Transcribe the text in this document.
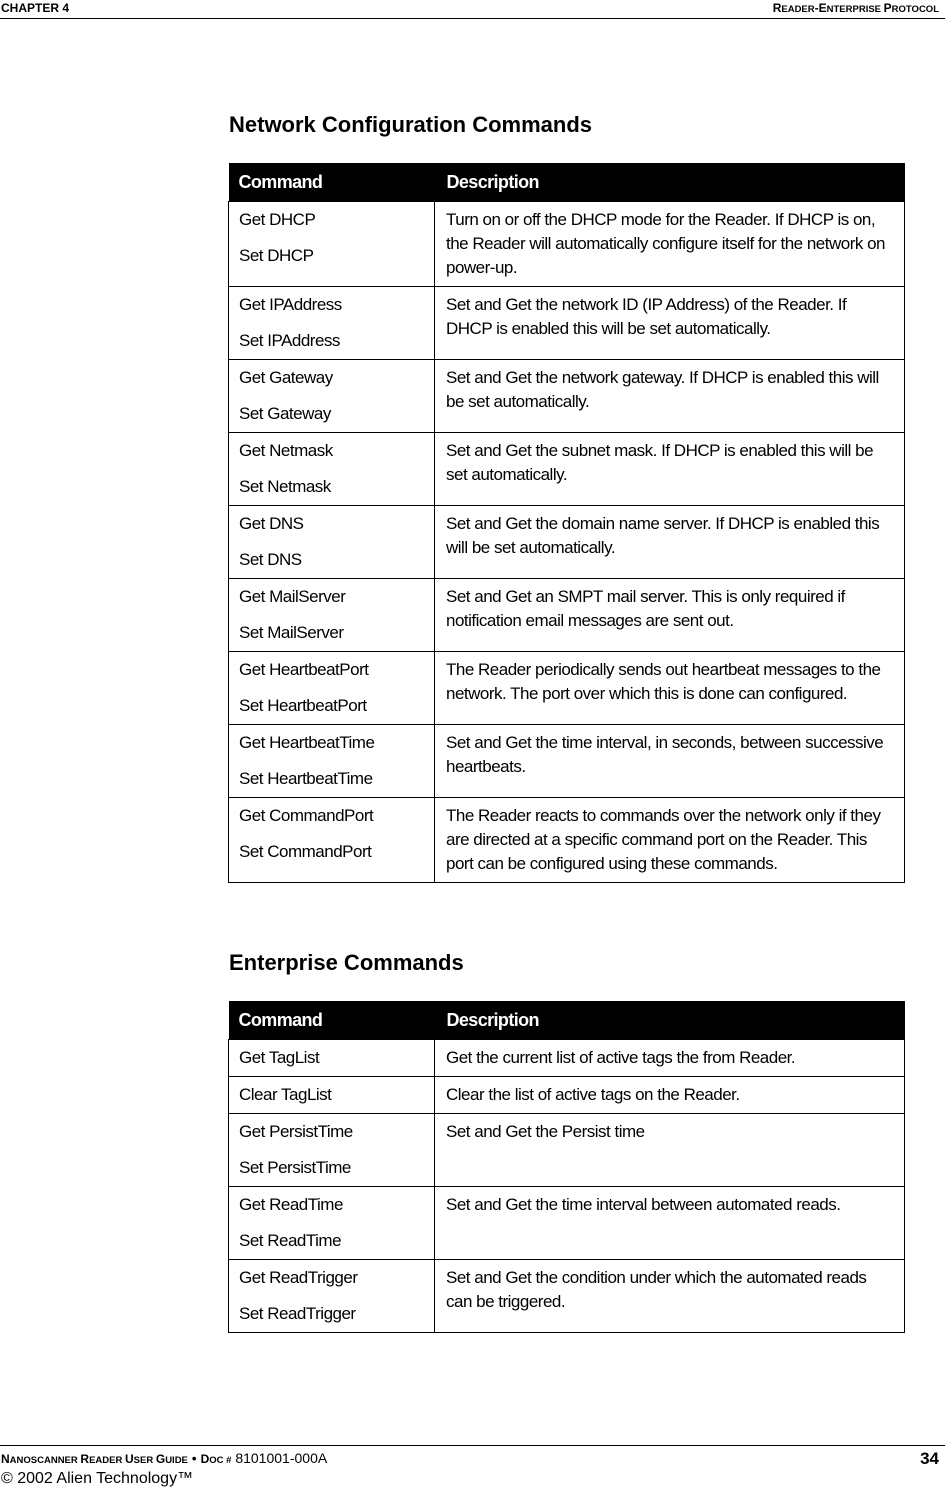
CHAPTER 4	READER-ENTERPRISE PROTOCOL
Network Configuration Commands
Command	Description

Get DHCP
Set DHCP	Turn on or off the DHCP mode for the Reader. If DHCP is on, the Reader will automatically configure itself for the network on power-up.

Get IPAddress
Set IPAddress	Set and Get the network ID (IP Address) of the Reader. If DHCP is enabled this will be set automatically.

Get Gateway
Set Gateway	Set and Get the network gateway. If DHCP is enabled this will be set automatically.

Get Netmask
Set Netmask	Set and Get the subnet mask. If DHCP is enabled this will be set automatically.

Get DNS
Set DNS	Set and Get the domain name server. If DHCP is enabled this will be set automatically.

Get MailServer
Set MailServer	Set and Get an SMPT mail server. This is only required if notification email messages are sent out.

Get HeartbeatPort
Set HeartbeatPort	The Reader periodically sends out heartbeat messages to the network. The port over which this is done can configured.

Get HeartbeatTime
Set HeartbeatTime	Set and Get the time interval, in seconds, between successive heartbeats.

Get CommandPort
Set CommandPort	The Reader reacts to commands over the network only if they are directed at a specific command port on the Reader. This port can be configured using these commands.
Enterprise Commands
Command	Description

Get TagList	Get the current list of active tags the from Reader.

Clear TagList	Clear the list of active tags on the Reader.

Get PersistTime
Set PersistTime	Set and Get the Persist time

Get ReadTime
Set ReadTime	Set and Get the time interval between automated reads.

Get ReadTrigger
Set ReadTrigger	Set and Get the condition under which the automated reads can be triggered.
NANOSCANNER READER USER GUIDE • DOC # 8101001-000A	34
© 2002 Alien Technology™
